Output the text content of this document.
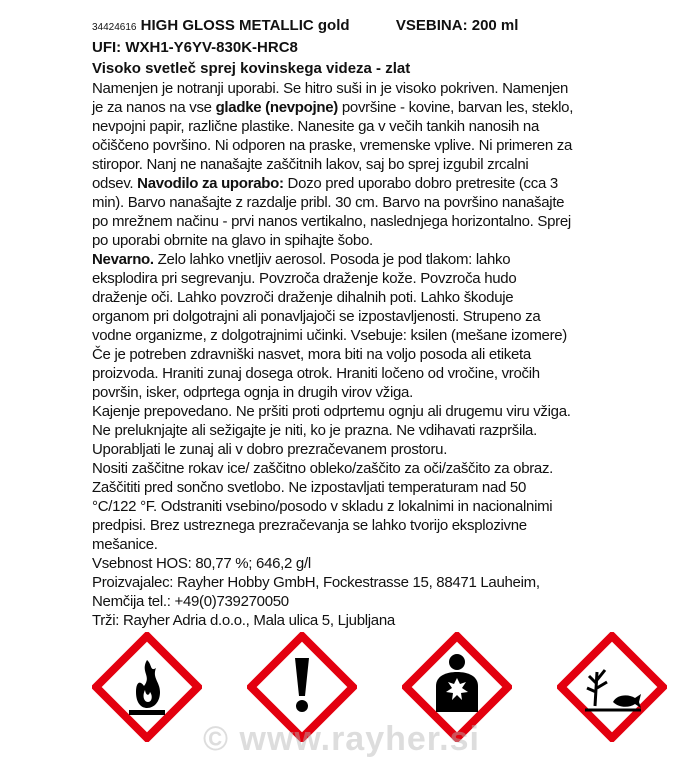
34424616 HIGH GLOSS METALLIC gold	VSEBINA: 200 ml
UFI: WXH1-Y6YV-830K-HRC8
Visoko svetleč sprej kovinskega videza - zlat
Namenjen je notranji uporabi. Se hitro suši in je visoko pokriven. Namenjen
je za nanos na vse gladke (nevpojne) površine - kovine, barvan les, steklo,
nevpojni papir, različne plastike. Nanesite ga v večih tankih nanosih na
očiščeno površino. Ni odporen na praske, vremenske vplive. Ni primeren za
stiropor. Nanj ne nanašajte zaščitnih lakov, saj bo sprej izgubil zrcalni
odsev. Navodilo za uporabo: Dozo pred uporabo dobro pretresite (cca 3
min). Barvo nanašajte z razdalje pribl. 30 cm. Barvo na površino nanašajte
po mrežnem načinu - prvi nanos vertikalno, naslednjega horizontalno. Sprej
po uporabi obrnite na glavo in spihajte šobo.
Nevarno. Zelo lahko vnetljiv aerosol. Posoda je pod tlakom: lahko
eksplodira pri segrevanju. Povzroča draženje kože. Povzroča hudo
draženje oči. Lahko povzroči draženje dihalnih poti. Lahko škoduje
organom pri dolgotrajni ali ponavljajoči se izpostavljenosti. Strupeno za
vodne organizme, z dolgotrajnimi učinki. Vsebuje: ksilen (mešane izomere)
Če je potreben zdravniški nasvet, mora biti na voljo posoda ali etiketa
proizvoda. Hraniti zunaj dosega otrok. Hraniti ločeno od vročine, vročih
površin, isker, odprtega ognja in drugih virov vžiga.
Kajenje prepovedano. Ne pršiti proti odprtemu ognju ali drugemu viru vžiga.
Ne preluknjajte ali sežigajte je niti, ko je prazna. Ne vdihavati razpršila.
Uporabljati le zunaj ali v dobro prezračevanem prostoru.
Nositi zaščitne rokav ice/ zaščitno obleko/zaščito za oči/zaščito za obraz.
Zaščititi pred sončno svetlobo. Ne izpostavljati temperaturam nad 50
°C/122 °F. Odstraniti vsebino/posodo v skladu z lokalnimi in nacionalnimi
predpisi. Brez ustreznega prezračevanja se lahko tvorijo eksplozivne
mešanice.
Vsebnost HOS: 80,77 %; 646,2 g/l
Proizvajalec: Rayher Hobby GmbH, Fockestrasse 15, 88471 Lauheim,
Nemčija tel.: +49(0)739270050
Trži: Rayher Adria d.o.o., Mala ulica 5, Ljubljana
© www.rayher.si
